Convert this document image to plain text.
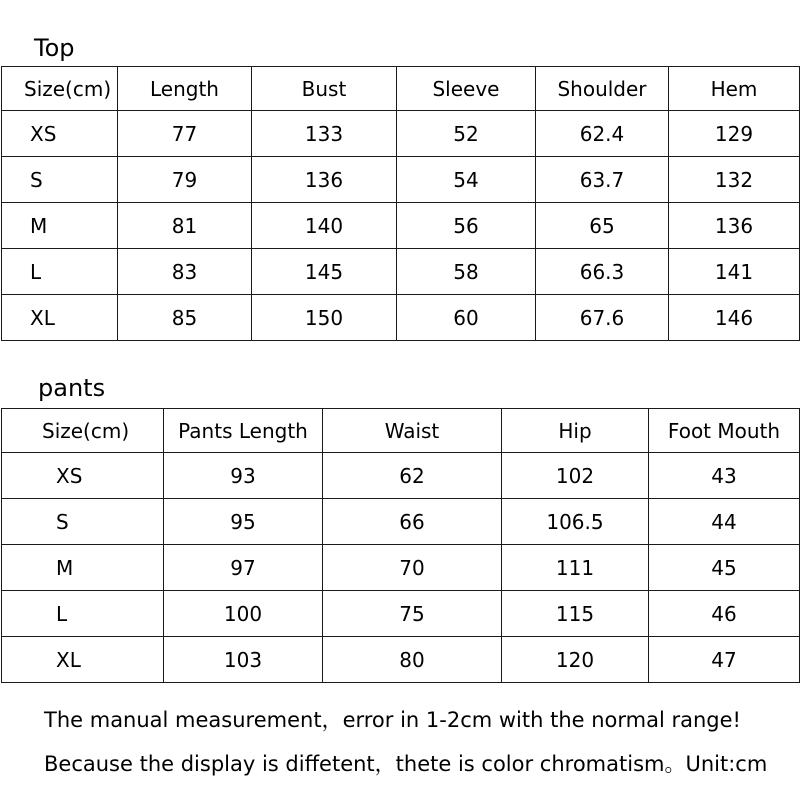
Top
Size(cm)	Length	Bust	Sleeve	Shoulder	Hem
XS	77	133	52	62.4	129
S	79	136	54	63.7	132
M	81	140	56	65	136
L	83	145	58	66.3	141
XL	85	150	60	67.6	146
pants
Size(cm)	Pants Length	Waist	Hip	Foot Mouth
XS	93	62	102	43
S	95	66	106.5	44
M	97	70	111	45
L	100	75	115	46
XL	103	80	120	47

The manual measurement，error in 1-2cm with the normal range!

Because the display is diffetent，thete is color chromatism。Unit:cm
